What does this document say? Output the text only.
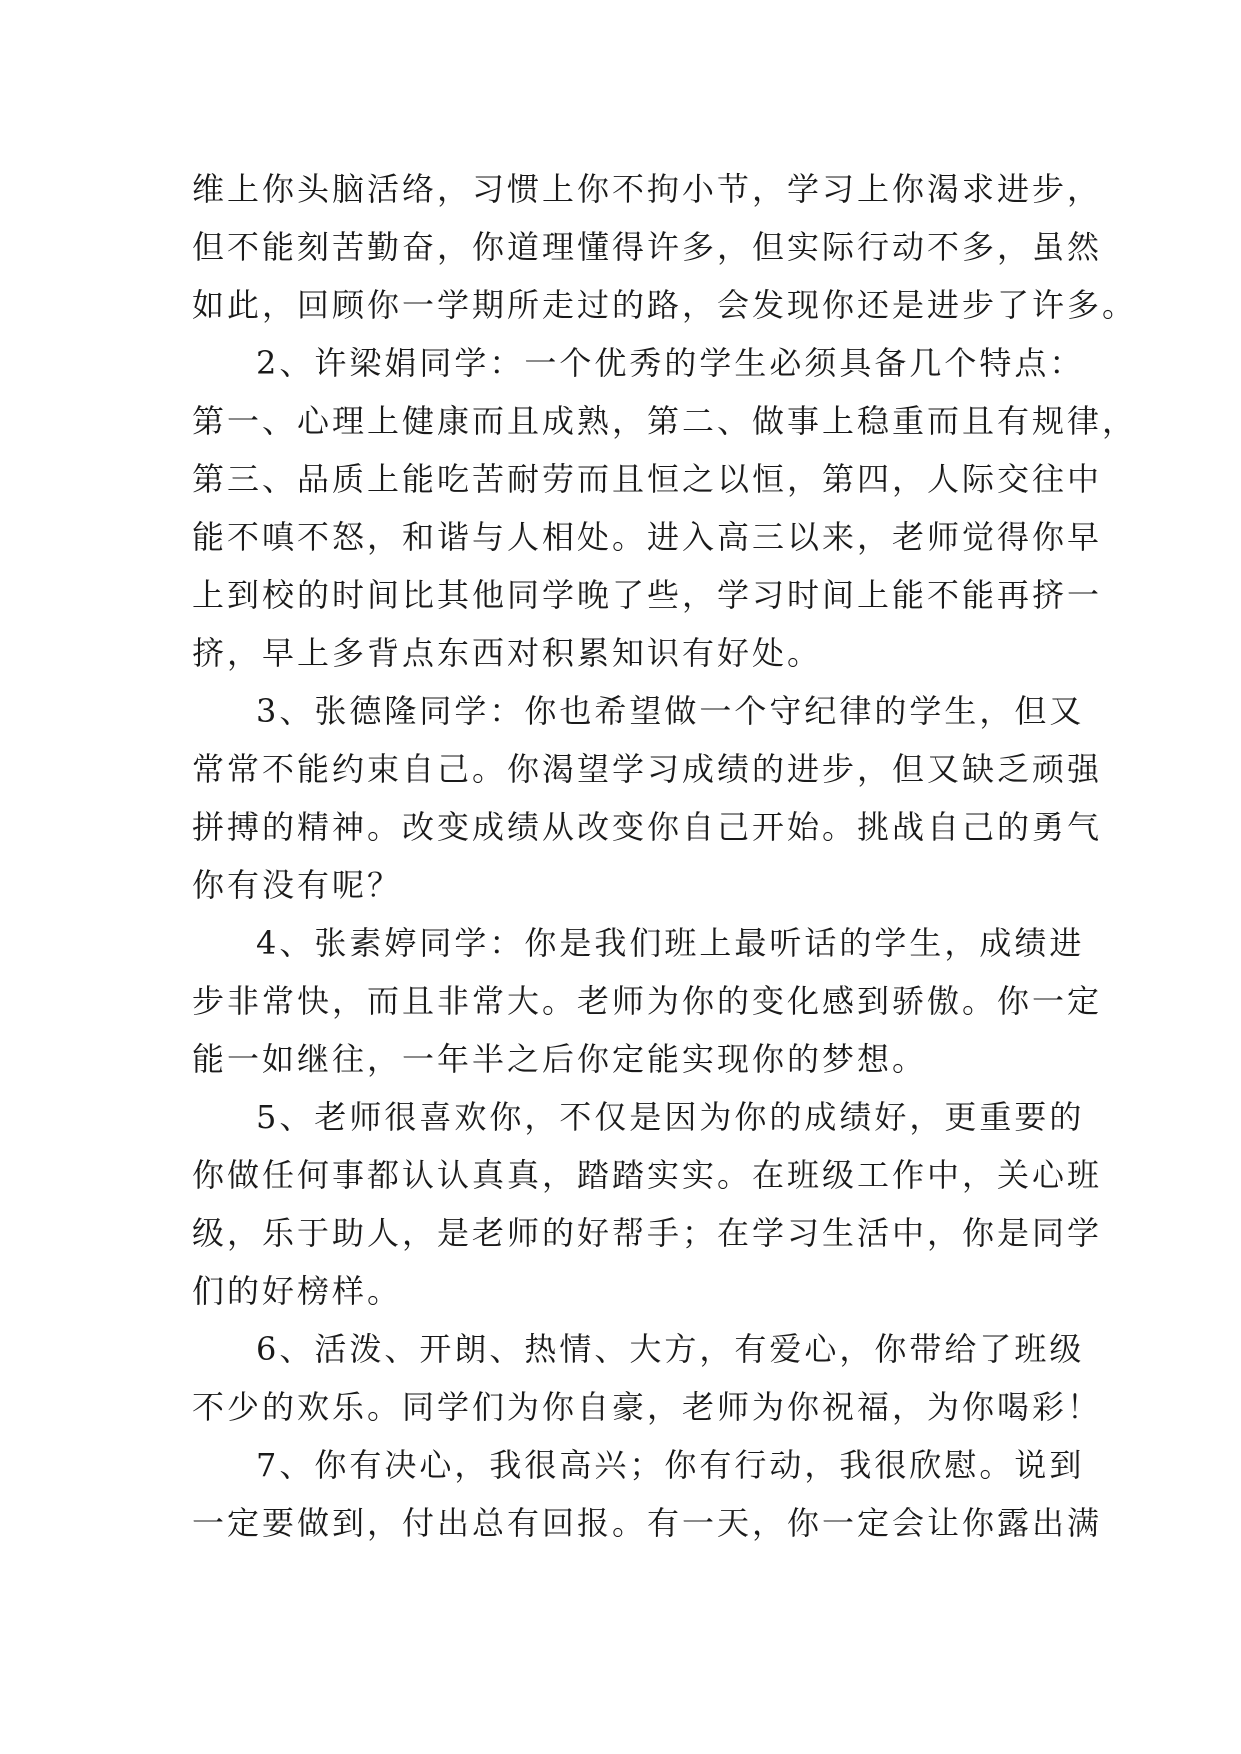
维上你头脑活络，习惯上你不拘小节，学习上你渴求进步，
但不能刻苦勤奋，你道理懂得许多，但实际行动不多，虽然
如此，回顾你一学期所走过的路，会发现你还是进步了许多。

2、许梁娟同学：一个优秀的学生必须具备几个特点：
第一、心理上健康而且成熟，第二、做事上稳重而且有规律，
第三、品质上能吃苦耐劳而且恒之以恒，第四，人际交往中
能不嗔不怒，和谐与人相处。进入高三以来，老师觉得你早
上到校的时间比其他同学晚了些，学习时间上能不能再挤一
挤，早上多背点东西对积累知识有好处。

3、张德隆同学：你也希望做一个守纪律的学生，但又
常常不能约束自己。你渴望学习成绩的进步，但又缺乏顽强
拼搏的精神。改变成绩从改变你自己开始。挑战自己的勇气
你有没有呢？

4、张素婷同学：你是我们班上最听话的学生，成绩进
步非常快，而且非常大。老师为你的变化感到骄傲。你一定
能一如继往，一年半之后你定能实现你的梦想。

5、老师很喜欢你，不仅是因为你的成绩好，更重要的
你做任何事都认认真真，踏踏实实。在班级工作中，关心班
级，乐于助人，是老师的好帮手；在学习生活中，你是同学
们的好榜样。

6、活泼、开朗、热情、大方，有爱心，你带给了班级
不少的欢乐。同学们为你自豪，老师为你祝福，为你喝彩！

7、你有决心，我很高兴；你有行动，我很欣慰。说到
一定要做到，付出总有回报。有一天，你一定会让你露出满
